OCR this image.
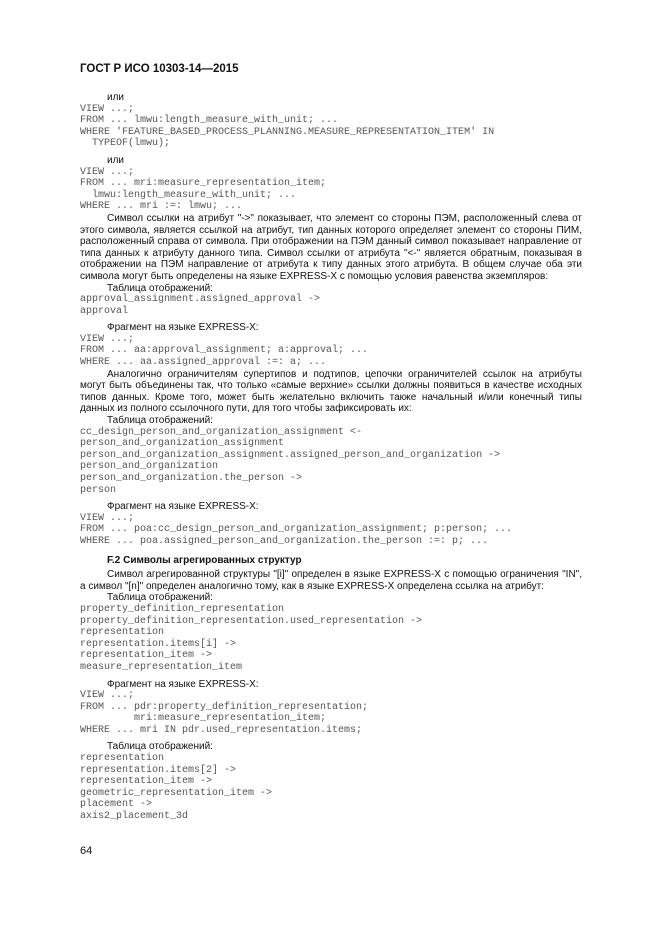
ГОСТ Р ИСО 10303-14—2015
или
VIEW ...;
FROM ... lmwu:length_measure_with_unit; ...
WHERE 'FEATURE_BASED_PROCESS_PLANNING.MEASURE_REPRESENTATION_ITEM' IN
TYPEOF(lmwu);
или
VIEW ...;
FROM ... mri:measure_representation_item;
lmwu:length_measure_with_unit; ...
WHERE ... mri :=: lmwu; ...
Символ ссылки на атрибут "->" показывает, что элемент со стороны ПЭМ, расположенный слева от этого символа, является ссылкой на атрибут, тип данных которого определяет элемент со стороны ПИМ, расположенный справа от символа. При отображении на ПЭМ данный символ показывает направление от типа данных к атрибуту данного типа. Символ ссылки от атрибута "<-" является обратным, показывая в отображении на ПЭМ направление от атрибута к типу данных этого атрибута. В общем случае оба эти символа могут быть определены на языке EXPRESS-X с помощью условия равенства экземпляров:
Таблица отображений:
approval_assignment.assigned_approval ->
approval
Фрагмент на языке EXPRESS-X:
VIEW ...;
FROM ... aa:approval_assignment; a:approval; ...
WHERE ... aa.assigned_approval :=: a; ...
Аналогично ограничителям супертипов и подтипов, цепочки ограничителей ссылок на атрибуты могут быть объединены так, что только «самые верхние» ссылки должны появиться в качестве исходных типов данных. Кроме того, может быть желательно включить также начальный и/или конечный типы данных из полного ссылочного пути, для того чтобы зафиксировать их:
Таблица отображений:
cc_design_person_and_organization_assignment <-
person_and_organization_assignment
person_and_organization_assignment.assigned_person_and_organization ->
person_and_organization
person_and_organization.the_person ->
person
Фрагмент на языке EXPRESS-X:
VIEW ...;
FROM ... poa:cc_design_person_and_organization_assignment; p:person; ...
WHERE ... poa.assigned_person_and_organization.the_person :=: p; ...
F.2 Символы агрегированных структур
Символ агрегированной структуры "[i]" определен в языке EXPRESS-X с помощью ограничения "IN", а символ "[n]" определен аналогично тому, как в языке EXPRESS-X определена ссылка на атрибут:
Таблица отображений:
property_definition_representation
property_definition_representation.used_representation ->
representation
representation.items[i] ->
representation_item ->
measure_representation_item
Фрагмент на языке EXPRESS-X:
VIEW ...;
FROM ... pdr:property_definition_representation;
mri:measure_representation_item;
WHERE ... mri IN pdr.used_representation.items;
Таблица отображений:
representation
representation.items[2] ->
representation_item ->
geometric_representation_item ->
placement ->
axis2_placement_3d
64
